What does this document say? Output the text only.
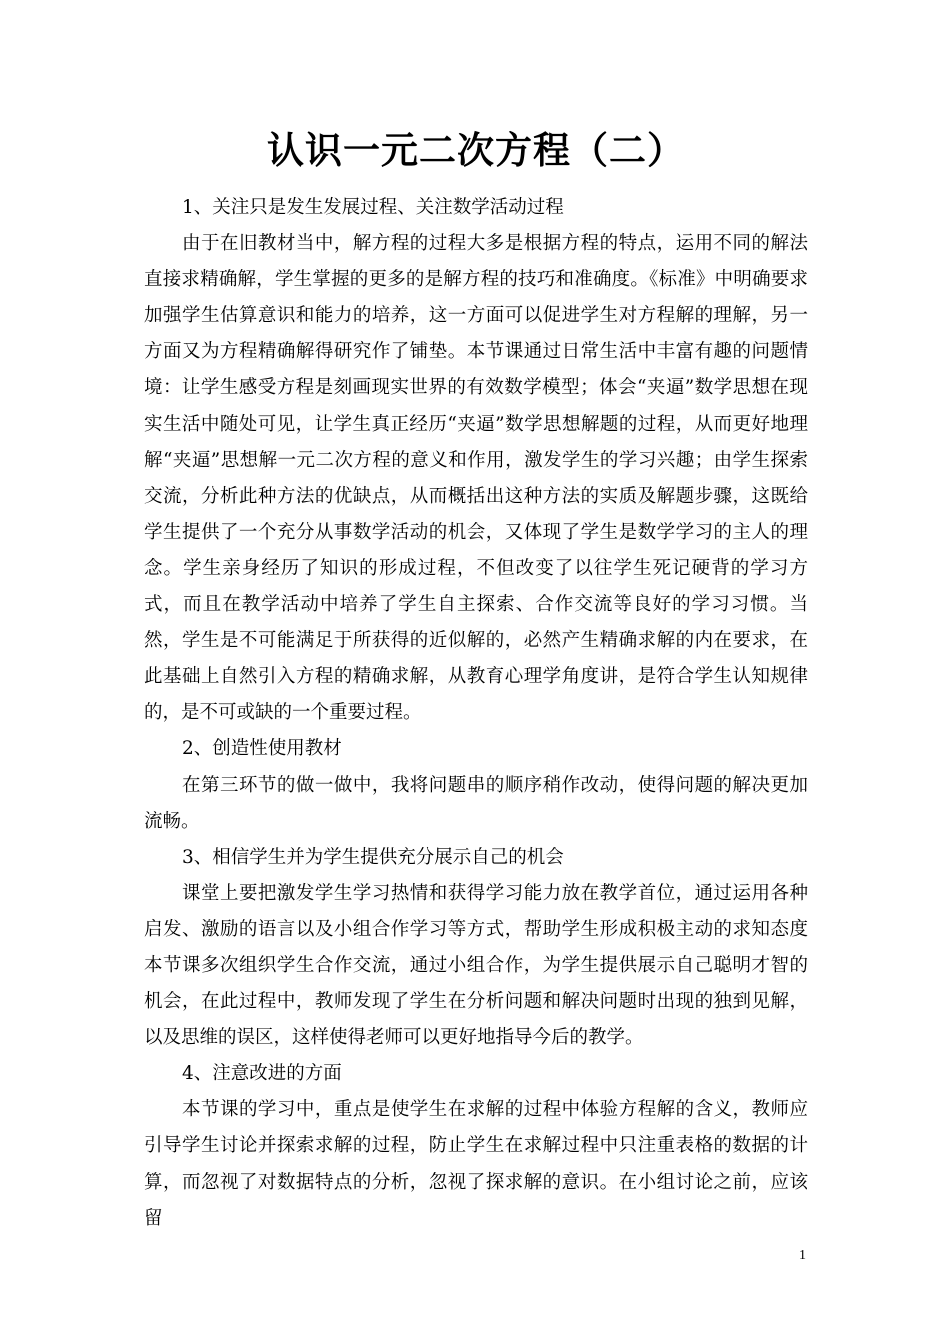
认识一元二次方程（二）

1、关注只是发生发展过程、关注数学活动过程

由于在旧教材当中，解方程的过程大多是根据方程的特点，运用不同的解法直接求精确解，学生掌握的更多的是解方程的技巧和准确度。《标准》中明确要求加强学生估算意识和能力的培养，这一方面可以促进学生对方程解的理解，另一方面又为方程精确解得研究作了铺垫。本节课通过日常生活中丰富有趣的问题情境：让学生感受方程是刻画现实世界的有效数学模型；体会“夹逼”数学思想在现实生活中随处可见，让学生真正经历“夹逼”数学思想解题的过程，从而更好地理解“夹逼”思想解一元二次方程的意义和作用，激发学生的学习兴趣；由学生探索交流，分析此种方法的优缺点，从而概括出这种方法的实质及解题步骤，这既给学生提供了一个充分从事数学活动的机会，又体现了学生是数学学习的主人的理念。学生亲身经历了知识的形成过程，不但改变了以往学生死记硬背的学习方式，而且在教学活动中培养了学生自主探索、合作交流等良好的学习习惯。当然，学生是不可能满足于所获得的近似解的，必然产生精确求解的内在要求，在此基础上自然引入方程的精确求解，从教育心理学角度讲，是符合学生认知规律的，是不可或缺的一个重要过程。

2、创造性使用教材

在第三环节的做一做中，我将问题串的顺序稍作改动，使得问题的解决更加流畅。

3、相信学生并为学生提供充分展示自己的机会

课堂上要把激发学生学习热情和获得学习能力放在教学首位，通过运用各种启发、激励的语言以及小组合作学习等方式，帮助学生形成积极主动的求知态度本节课多次组织学生合作交流，通过小组合作，为学生提供展示自己聪明才智的机会，在此过程中，教师发现了学生在分析问题和解决问题时出现的独到见解，以及思维的误区，这样使得老师可以更好地指导今后的教学。

4、注意改进的方面

本节课的学习中，重点是使学生在求解的过程中体验方程解的含义，教师应引导学生讨论并探索求解的过程，防止学生在求解过程中只注重表格的数据的计算，而忽视了对数据特点的分析，忽视了探求解的意识。在小组讨论之前，应该留

1
